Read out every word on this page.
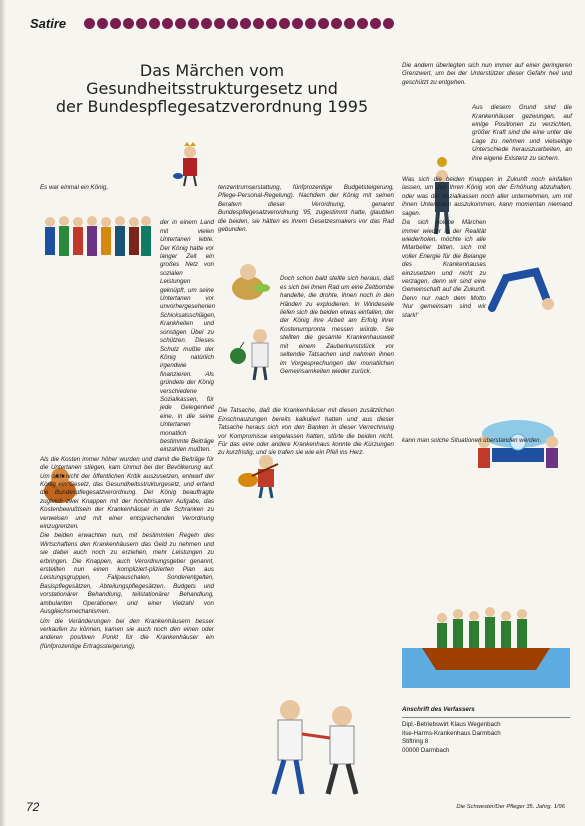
Satire
Das Märchen vom
Gesundheitsstrukturgesetz und
der Bundespflegesatzverordnung 1995

Es war einmal ein König,

der in einem Land mit vielen Untertanen lebte. Der König hatte vor langer Zeit ein großes Netz von sozialen Leistungen geknüpft, um seine Untertanen vor unvorhergesehenen Schicksalsschlägen, Krankheiten und sonstigen Übel zu schützen. Dieses Schutz mußte der König natürlich irgendwie finanzieren. Als gründete der König verschiedene Sozialkassen, für jede Gelegenheit eine, in die seine Untertanen monatlich bestimmte Beiträge einzahlen mußten.

Als die Kosten immer höher wurden und damit die Beiträge für die Untertanen stiegen, kam Unmut bei der Bevölkerung auf. Um sich nicht der öffentlichen Kritik auszusetzen, entwarf der König ein Gesetz, das Gesundheitsstrukturgesetz, und erfand die Bundespflegesatzverordnung. Der König beauftragte zugleich zwei Knappen mit der hochbrisanten Aufgabe, das Kostenbewußtsein der Krankenhäuser in die Schranken zu verweisen und mit einer entsprechenden Verordnung einzugrenzen.

Die beiden erwachten nun, mit bestimmten Regeln des Wirtschaftens den Krankenhäusern das Geld zu nehmen und sie dabei auch noch zu erziehen, mehr Leistungen zu erbringen. Die Knappen, auch Verordnungsgeber genannt, erstellten nun einen kompliziert-plizierten Plan aus Leistungsgruppen, Fallpauschalen, Sonderentgelten, Basispflegesätzen, Abteilungspflegesätzen, Budgets und vorstationärer Behandlung, teilstationärer Behandlung, ambulanten Operationen und einer Vielzahl von Ausgleichsmechanismen.

Um die Veränderungen bei den Krankenhäusern besser verkaufen zu können, kamen sie auch noch den einen oder anderen positiven Punkt für die Krankenhäuser ein (fünfprozentige Ertragssteigerung).

tenzentrumserstattung, fünfprozentige Budgetsteigerung, Pflege-Personal-Regelung). Nachdem der König mit seinen Beratern dieser Verordnung, genannt Bundespflegesatzverordnung '95, zugestimmt hatte, glaubten die beiden, sie hätten es ihrem Gesetzesmakers vor das Rad gebunden.

Doch schon bald stellte sich heraus, daß es sich bei ihnen Rad um eine Zeitbombe handelte, die drohte, ihnen noch in den Händen zu explodieren. In Windeseile liefen sich die beiden etwas einfallen, der der König ihre Arbeit am Erfolg ihrer Kostenumpronta messen würde. Sie stellten die gesamte Krankenhauswelt mit einem Zauberkunststück vor seltendie Tatsachen und nahmen ihnen im Vorgesprechungen der monatlichen Gemeinsamkeiten wieder zurück.

Die Tatsache, daß die Krankenhäuser mit diesen zusätzlichen Einschnauzungen bereits kalkuliert hatten und aus dieser Tatsache heraus sich von den Banken in dieser Verrechnung vor Kompromisse eingelassen hatten, störte die beiden nicht. Für das eine oder andere Krankenhaus konnte die Kürzungen zu kurzfristig, und sie trafen sie wie ein Pfeil ins Herz.

Die andern überlegten sich nun immer auf einer geringeren Grenzwert, um bei der Unterstützer dieser Gefahr heil und geschützt zu entgehen.

Aus diesem Grund sind die Krankenhäuser gezwungen, auf einige Positionen zu verzichten, größer Kraft sind die eine unter die Lage zu nehmen und vielseitige Unterschiede herauszuarbeiten, an ihre eigene Existenz zu sichern.

Was sich die beiden Knappen in Zukunft noch einfallen lassen, um den Ihren König von der Erhöhung abzuhalten, oder was die Sozialkassen noch aller unternehmen, um mit ihnen Untertanen auszukommen, kann momentan niemand sagen.

Da sich solche Märchen immer wieder in der Realität wiederholen, möchte ich alle Mitarbeiter bitten, sich mit voller Energie für die Belange des Krankenhauses einzusetzen und nicht zu verzagen, denn wir sind eine Gemeinschaft auf die Zukunft. Denn nur nach dem Motto 'Nur gemeinsam sind wir stark!'

kann man solche Situationen überstanden werden.

Anschrift des Verfassers
Dipl.-Betriebswirt Klaus Wegenbach
Ilse-Harms-Krankenhaus Darmbach
Stiftring 8
00000 Darmbach
72	Die Schwester/Der Pfleger 35. Jahrg. 1/96
